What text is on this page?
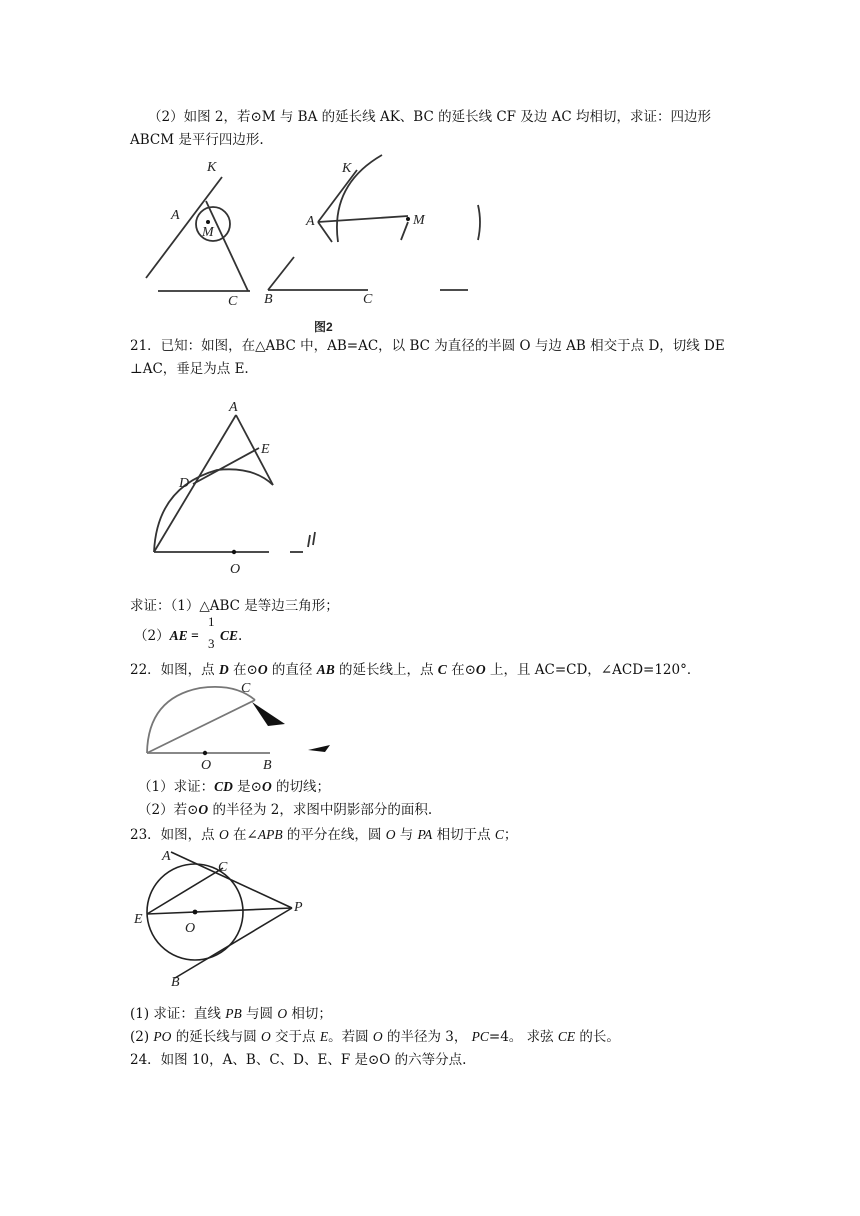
（2）如图 2，若⊙M 与 BA 的延长线 AK、BC 的延长线 CF 及边 AC 均相切，求证：四边形
ABCM 是平行四边形.
K
A
M
C
K
A	M
B	C
图2
21．已知：如图，在△ABC 中，AB=AC，以 BC 为直径的半圆 O 与边 AB 相交于点 D，切线 DE
⊥AC，垂足为点 E.
A
E
D
O
求证：（1）△ABC 是等边三角形；
（2）AE =
1
3
CE.
22．如图，点 D 在⊙O 的直径 AB 的延长线上，点 C 在⊙O 上，且 AC=CD，∠ACD=120°．
C
O	B
（1）求证：CD 是⊙O 的切线；
（2）若⊙O 的半径为 2，求图中阴影部分的面积.
23．如图，点 O 在∠APB 的平分在线，圆 O 与 PA 相切于点 C；
A
C
E
O
P
B
(1) 求证：直线 PB 与圆 O 相切；
(2) PO 的延长线与圆 O 交于点 E。若圆 O 的半径为 3， PC=4。 求弦 CE 的长。
24．如图 10，A、B、C、D、E、F 是⊙O 的六等分点.
